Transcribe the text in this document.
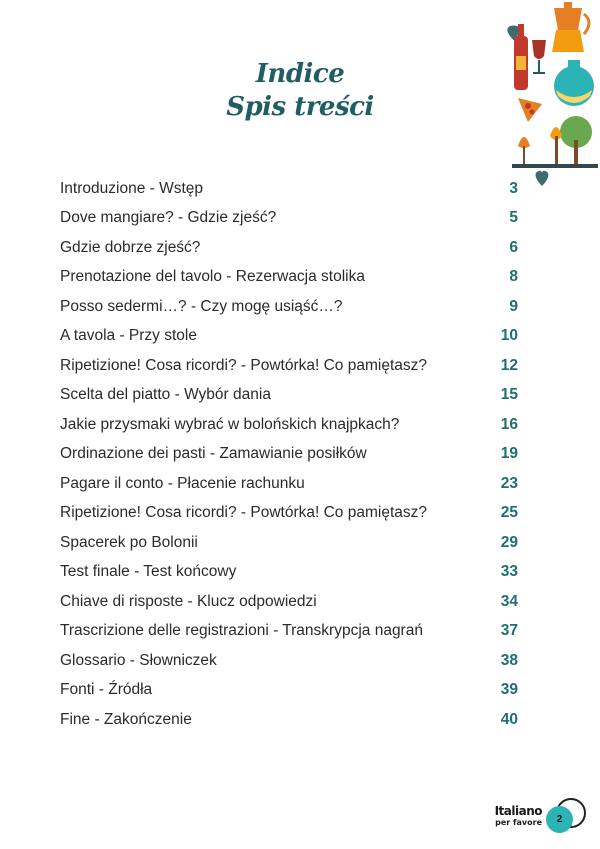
Indice
Spis treści
Introduzione - Wstęp	3
Dove mangiare? - Gdzie zjeść?	5
Gdzie dobrze zjeść?	6
Prenotazione del tavolo - Rezerwacja stolika	8
Posso sedermi…? - Czy mogę usiąść…?	9
A tavola - Przy stole	10
Ripetizione! Cosa ricordi? - Powtórka! Co pamiętasz?	12
Scelta del piatto - Wybór dania	15
Jakie przysmaki wybrać w bolońskich knajpkach?	16
Ordinazione dei pasti - Zamawianie posiłków	19
Pagare il conto - Płacenie rachunku	23
Ripetizione! Cosa ricordi? - Powtórka! Co pamiętasz?	25
Spacerek po Bolonii	29
Test finale - Test końcowy	33
Chiave di risposte - Klucz odpowiedzi	34
Trascrizione delle registrazioni - Transkrypcja nagrań	37
Glossario - Słowniczek	38
Fonti - Źródła	39
Fine - Zakończenie	40
Italiano
per favore	2
